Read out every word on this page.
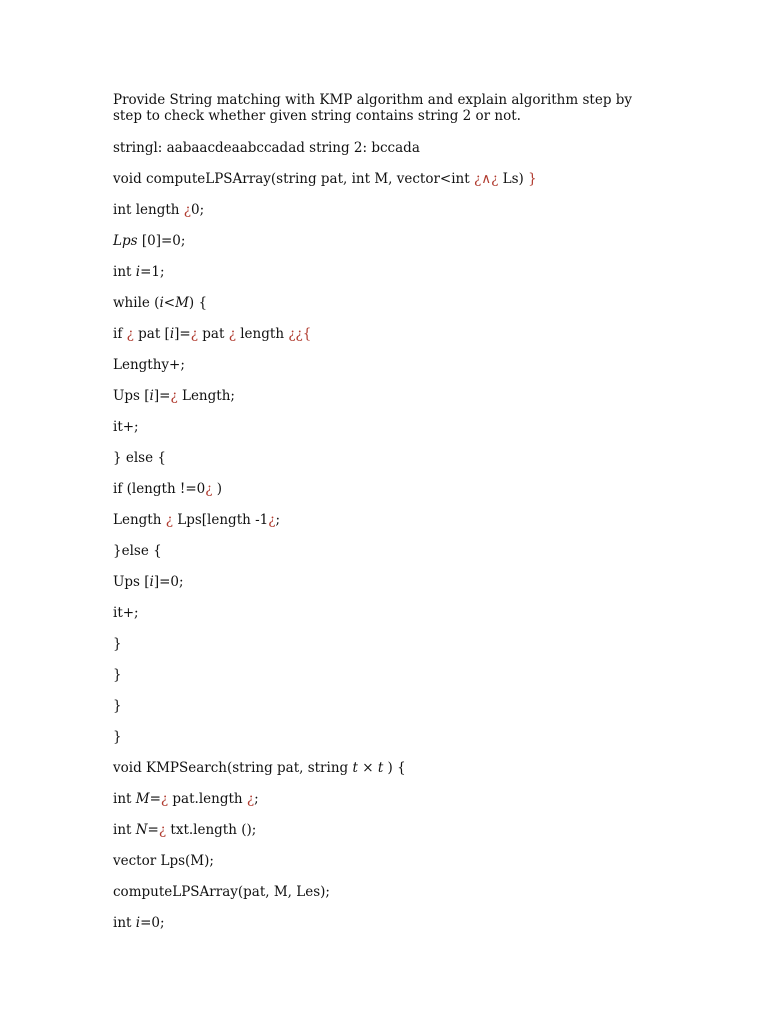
Provide String matching with KMP algorithm and explain algorithm step by step to check whether given string contains string 2 or not.

stringl: aabaacdeaabccadad string 2: bccada

void computeLPSArray(string pat, int M, vector<int ¿∧¿ Ls) }

int length ¿0;

Lps [0]=0;

int i=1;

while (i<M) {

if ¿ pat [i]=¿ pat ¿ length ¿¿{

Lengthy+;

Ups [i]=¿ Length;

it+;

} else {

if (length !=0¿ )

Length ¿ Lps[length -1¿;

}else {

Ups [i]=0;

it+;

}

}

}

}

void KMPSearch(string pat, string t × t ) {

int M=¿ pat.length ¿;

int N=¿ txt.length ();

vector Lps(M);

computeLPSArray(pat, M, Les);

int i=0;
